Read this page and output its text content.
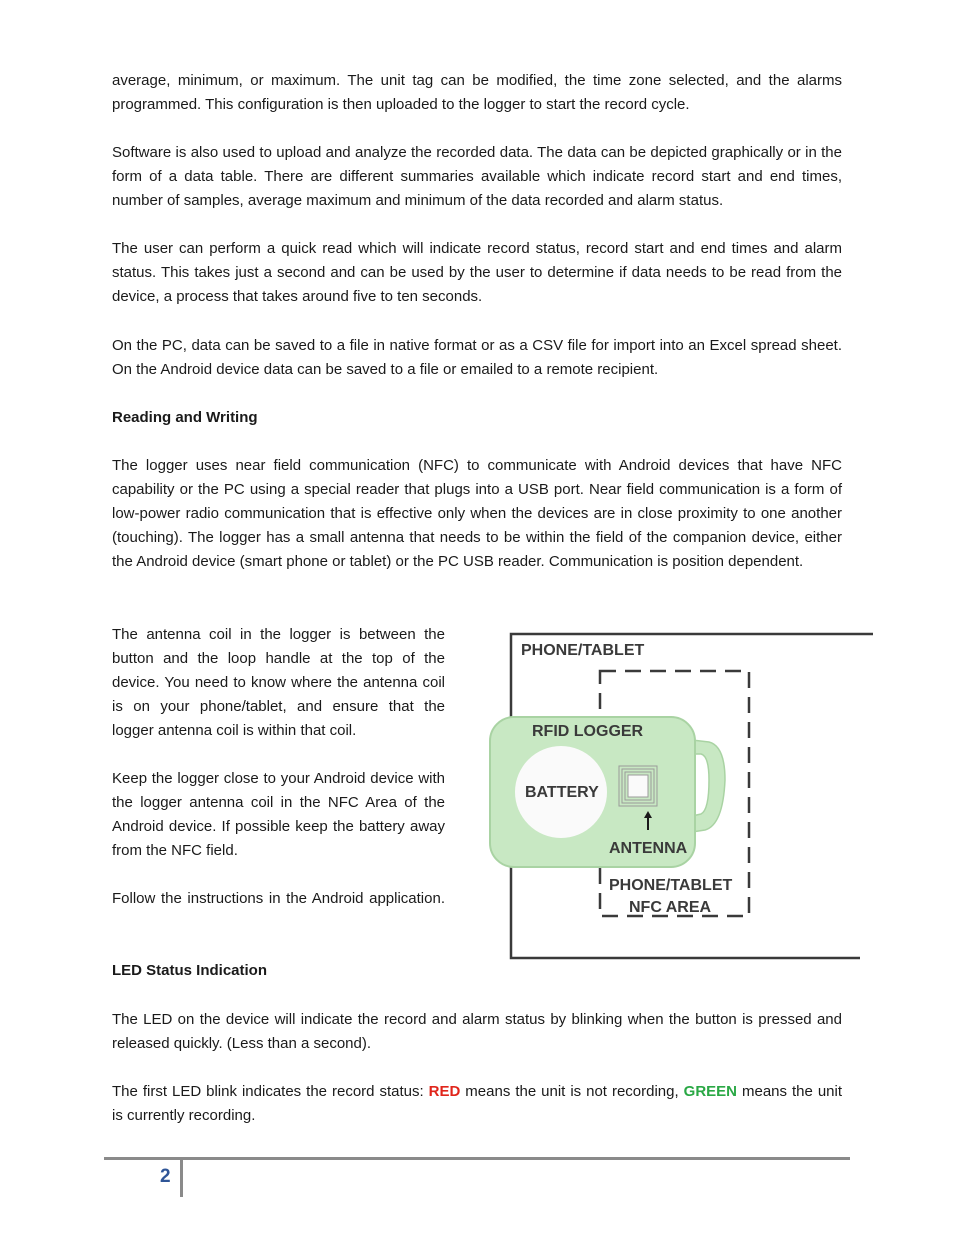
average, minimum, or maximum. The unit tag can be modified, the time zone selected, and the alarms programmed. This configuration is then uploaded to the logger to start the record cycle.

Software is also used to upload and analyze the recorded data. The data can be depicted graphically or in the form of a data table. There are different summaries available which indicate record start and end times, number of samples, average maximum and minimum of the data recorded and alarm status.

The user can perform a quick read which will indicate record status, record start and end times and alarm status. This takes just a second and can be used by the user to determine if data needs to be read from the device, a process that takes around five to ten seconds.

On the PC, data can be saved to a file in native format or as a CSV file for import into an Excel spread sheet. On the Android device data can be saved to a file or emailed to a remote recipient.

Reading and Writing

The logger uses near field communication (NFC) to communicate with Android devices that have NFC capability or the PC using a special reader that plugs into a USB port. Near field communication is a form of low-power radio communication that is effective only when the devices are in close proximity to one another (touching). The logger has a small antenna that needs to be within the field of the companion device, either the Android device (smart phone or tablet) or the PC USB reader. Communication is position dependent.

The antenna coil in the logger is between the button and the loop handle at the top of the device. You need to know where the antenna coil is on your phone/tablet, and ensure that the logger antenna coil is within that coil.

Keep the logger close to your Android device with the logger antenna coil in the NFC Area of the Android device. If possible keep the battery away from the NFC field.

Follow the instructions in the Android application.

LED Status Indication

The LED on the device will indicate the record and alarm status by blinking when the button is pressed and released quickly. (Less than a second).

The first LED blink indicates the record status: RED means the unit is not recording, GREEN means the unit is currently recording.

PHONE/TABLET
RFID LOGGER
BATTERY
ANTENNA
PHONE/TABLET
NFC AREA
2
